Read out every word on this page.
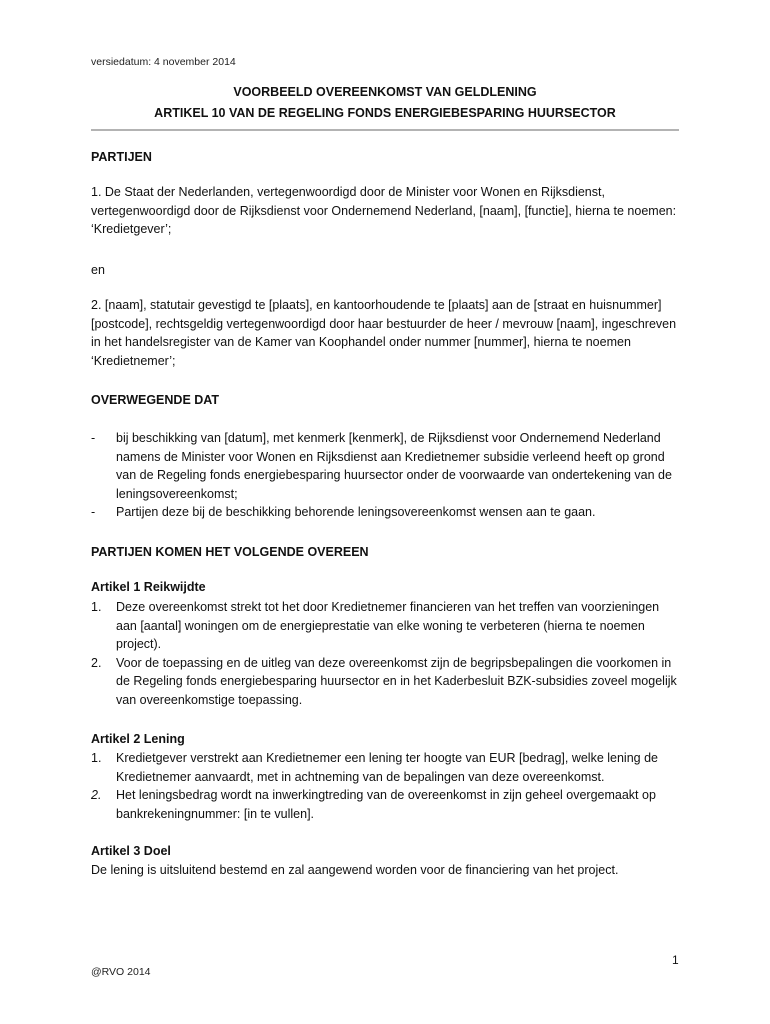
versiedatum: 4 november 2014
VOORBEELD OVEREENKOMST VAN GELDLENING
ARTIKEL 10 VAN DE REGELING FONDS ENERGIEBESPARING HUURSECTOR
PARTIJEN
1. De Staat der Nederlanden, vertegenwoordigd door de Minister voor Wonen en Rijksdienst, vertegenwoordigd door de Rijksdienst voor Ondernemend Nederland, [naam], [functie], hierna te noemen: ‘Kredietgever’;
en
2. [naam], statutair gevestigd te [plaats], en kantoorhoudende te [plaats] aan de [straat en huisnummer] [postcode], rechtsgeldig vertegenwoordigd door haar bestuurder de heer / mevrouw [naam], ingeschreven in het handelsregister van de Kamer van Koophandel onder nummer [nummer], hierna te noemen ‘Kredietnemer’;
OVERWEGENDE DAT
-	bij beschikking van [datum], met kenmerk [kenmerk], de Rijksdienst voor Ondernemend Nederland namens de Minister voor Wonen en Rijksdienst aan Kredietnemer subsidie verleend heeft op grond van de Regeling fonds energiebesparing huursector onder de voorwaarde van ondertekening van de leningsovereenkomst;
-	Partijen deze bij de beschikking behorende leningsovereenkomst wensen aan te gaan.
PARTIJEN KOMEN HET VOLGENDE OVEREEN
Artikel 1 Reikwijdte
1.	Deze overeenkomst strekt tot het door Kredietnemer financieren van het treffen van voorzieningen aan [aantal] woningen om de energieprestatie van elke woning te verbeteren (hierna te noemen project).
2.	Voor de toepassing en de uitleg van deze overeenkomst zijn de begripsbepalingen die voorkomen in de Regeling fonds energiebesparing huursector en in het Kaderbesluit BZK-subsidies zoveel mogelijk van overeenkomstige toepassing.
Artikel 2 Lening
1.	Kredietgever verstrekt aan Kredietnemer een lening ter hoogte van EUR [bedrag], welke lening de Kredietnemer aanvaardt, met in achtneming van de bepalingen van deze overeenkomst.
2.	Het leningsbedrag wordt na inwerkingtreding van de overeenkomst in zijn geheel overgemaakt op bankrekeningnummer: [in te vullen].
Artikel 3 Doel
De lening is uitsluitend bestemd en zal aangewend worden voor de financiering van het project.
1
@RVO 2014
